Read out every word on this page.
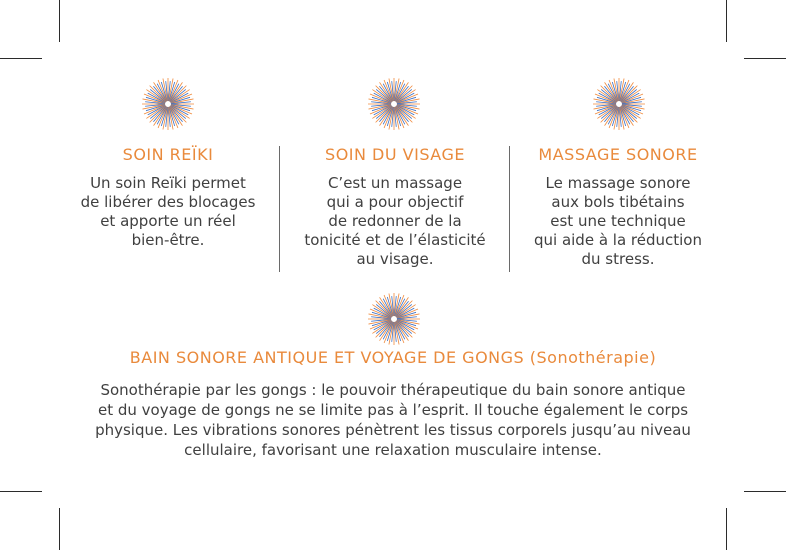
SOIN REÏKI
Un soin Reïki permet
de libérer des blocages
et apporte un réel
bien-être.
SOIN DU VISAGE
C’est un massage
qui a pour objectif
de redonner de la
tonicité et de l’élasticité
au visage.
MASSAGE SONORE
Le massage sonore
aux bols tibétains
est une technique
qui aide à la réduction
du stress.
BAIN SONORE ANTIQUE ET VOYAGE DE GONGS (Sonothérapie)
Sonothérapie par les gongs : le pouvoir thérapeutique du bain sonore antique
et du voyage de gongs ne se limite pas à l’esprit. Il touche également le corps
physique. Les vibrations sonores pénètrent les tissus corporels jusqu’au niveau
cellulaire, favorisant une relaxation musculaire intense.
